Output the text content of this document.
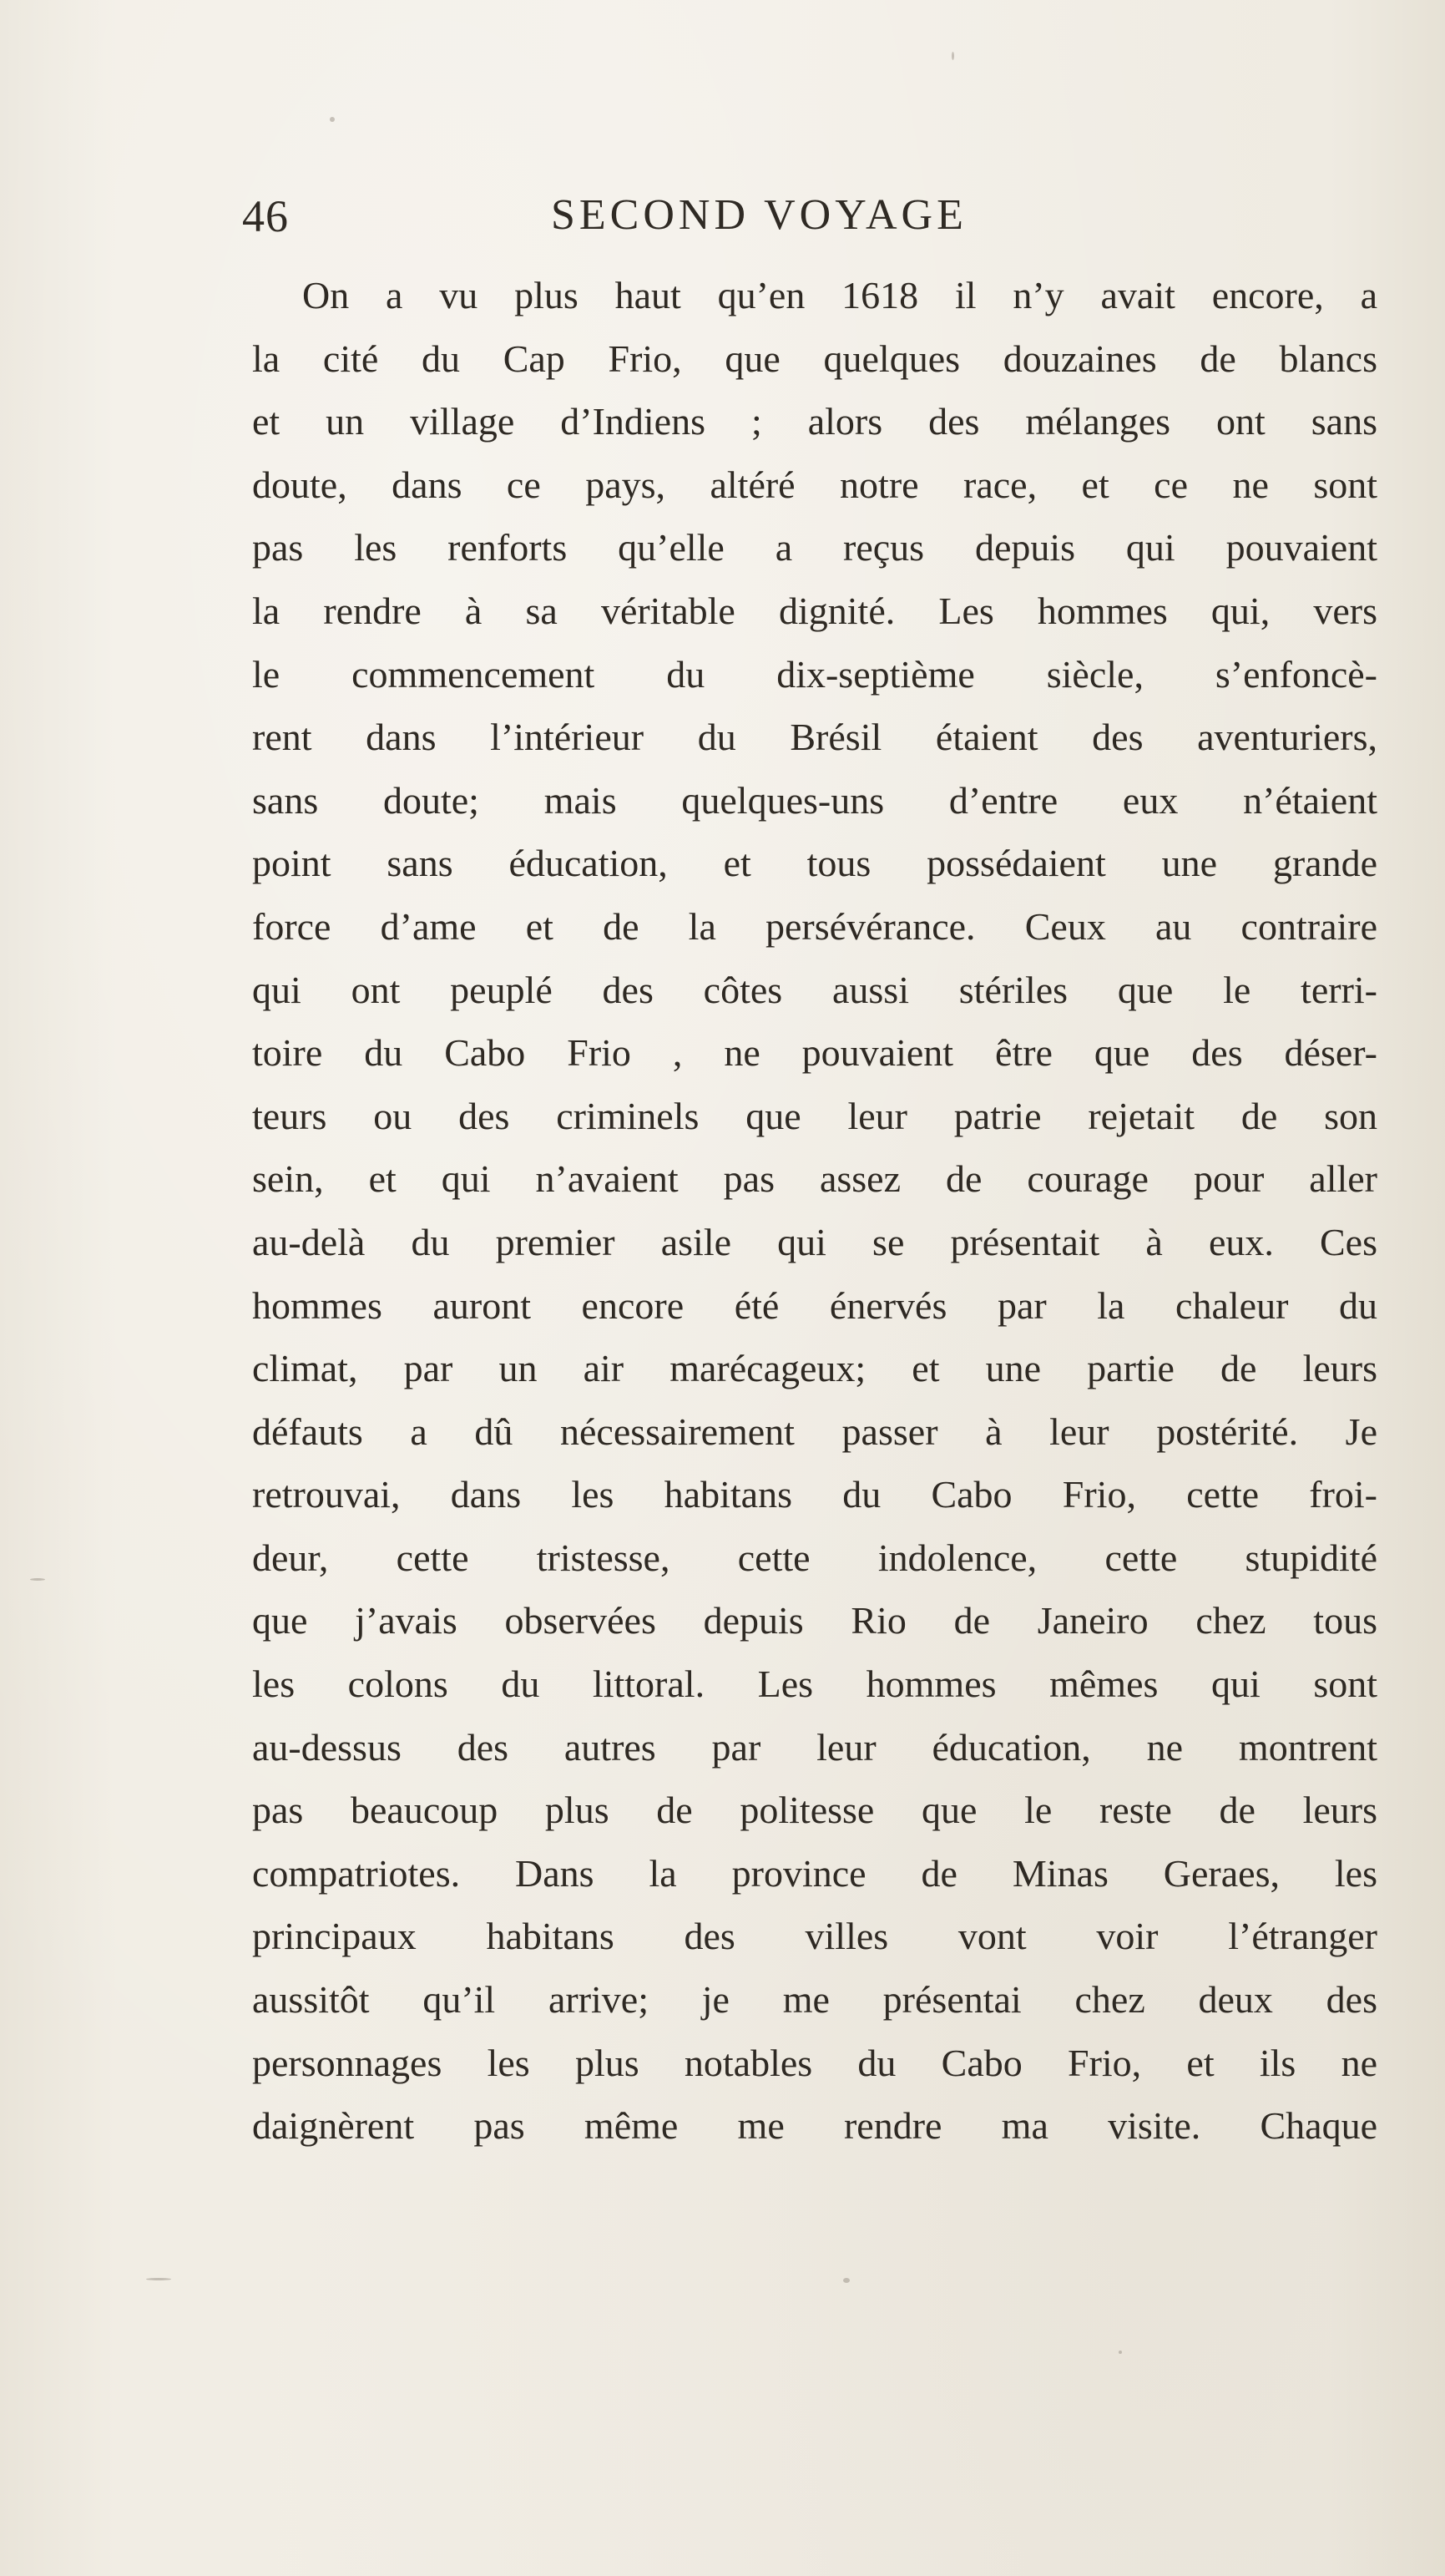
46	SECOND VOYAGE
On a vu plus haut qu’en 1618 il n’y avait encore, a
la cité du Cap Frio, que quelques douzaines de blancs
et un village d’Indiens ; alors des mélanges ont sans
doute, dans ce pays, altéré notre race, et ce ne sont
pas les renforts qu’elle a reçus depuis qui pouvaient
la rendre à sa véritable dignité. Les hommes qui, vers
le commencement du dix-septième siècle, s’enfoncè-
rent dans l’intérieur du Brésil étaient des aventuriers,
sans doute; mais quelques-uns d’entre eux n’étaient
point sans éducation, et tous possédaient une grande
force d’ame et de la persévérance. Ceux au contraire
qui ont peuplé des côtes aussi stériles que le terri-
toire du Cabo Frio , ne pouvaient être que des déser-
teurs ou des criminels que leur patrie rejetait de son
sein, et qui n’avaient pas assez de courage pour aller
au-delà du premier asile qui se présentait à eux. Ces
hommes auront encore été énervés par la chaleur du
climat, par un air marécageux; et une partie de leurs
défauts a dû nécessairement passer à leur postérité. Je
retrouvai, dans les habitans du Cabo Frio, cette froi-
deur, cette tristesse, cette indolence, cette stupidité
que j’avais observées depuis Rio de Janeiro chez tous
les colons du littoral. Les hommes mêmes qui sont
au-dessus des autres par leur éducation, ne montrent
pas beaucoup plus de politesse que le reste de leurs
compatriotes. Dans la province de Minas Geraes, les
principaux habitans des villes vont voir l’étranger
aussitôt qu’il arrive; je me présentai chez deux des
personnages les plus notables du Cabo Frio, et ils ne
daignèrent pas même me rendre ma visite. Chaque
